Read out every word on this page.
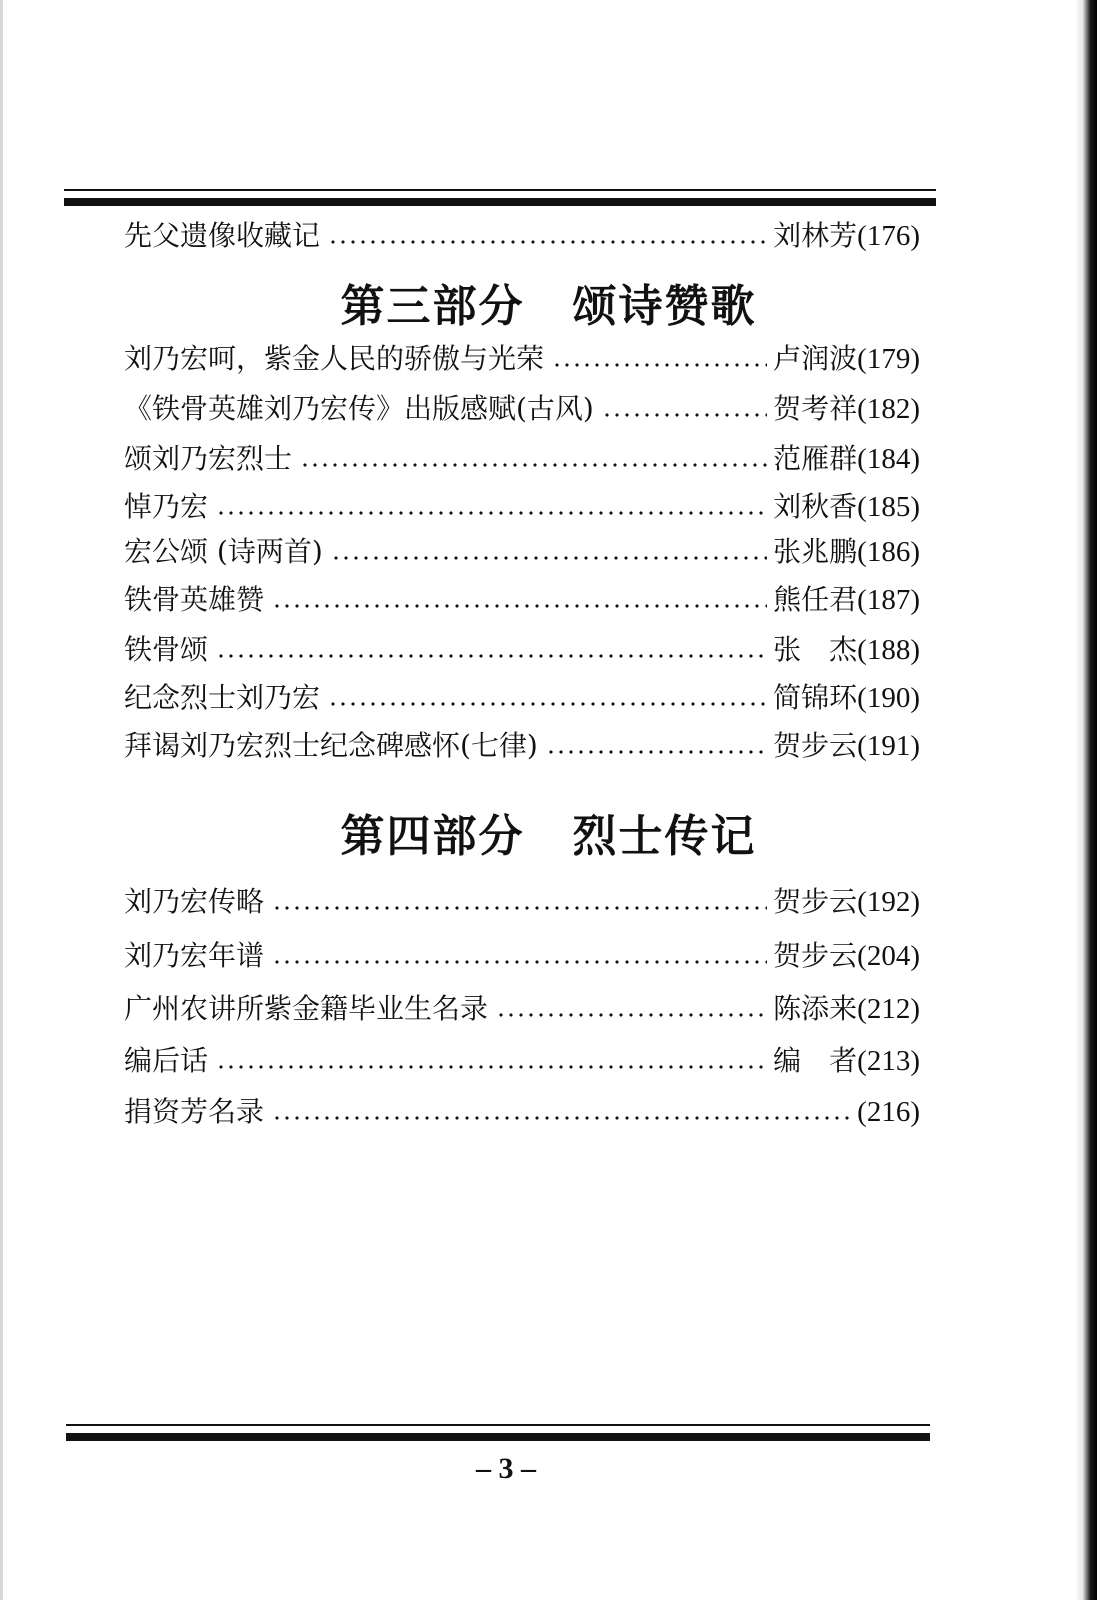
先父遗像收藏记	刘林芳 (176)
刘乃宏呵，紫金人民的骄傲与光荣	卢润波 (179)
《铁骨英雄刘乃宏传》出版感赋(古风)	贺考祥 (182)
颂刘乃宏烈士	范雁群 (184)
悼乃宏	刘秋香 (185)
宏公颂 (诗两首)	张兆鹏 (186)
铁骨英雄赞	熊任君 (187)
铁骨颂	张　杰 (188)
纪念烈士刘乃宏	简锦环 (190)
拜谒刘乃宏烈士纪念碑感怀(七律)	贺步云 (191)
刘乃宏传略	贺步云 (192)
刘乃宏年谱	贺步云 (204)
广州农讲所紫金籍毕业生名录	陈添来 (212)
编后话	编　者 (213)
捐资芳名录	(216)
第三部分 颂诗赞歌
第四部分 烈士传记
– 3 –
